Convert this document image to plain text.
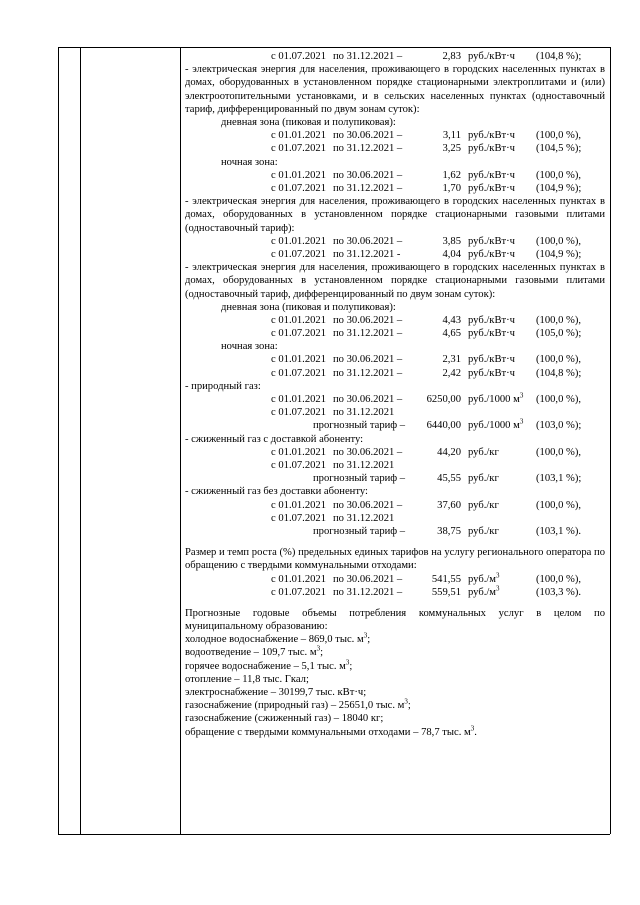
с 01.07.2021 по 31.12.2021 –	2,83 руб./кВт·ч (104,8 %);
- электрическая энергия для населения, проживающего в городских населенных пунктах в домах, оборудованных в установленном порядке стационарными электроплитами и (или) электроотопительными установками, и в сельских населенных пунктах (одноставочный тариф, дифференцированный по двум зонам суток):
дневная зона (пиковая и полупиковая):
с 01.01.2021 по 30.06.2021 –	3,11 руб./кВт·ч (100,0 %),
с 01.07.2021 по 31.12.2021 –	3,25 руб./кВт·ч (104,5 %);
ночная зона:
с 01.01.2021 по 30.06.2021 –	1,62 руб./кВт·ч (100,0 %),
с 01.07.2021 по 31.12.2021 –	1,70 руб./кВт·ч (104,9 %);
- электрическая энергия для населения, проживающего в городских населенных пунктах в домах, оборудованных в установленном порядке стационарными газовыми плитами (одноставочный тариф):
с 01.01.2021 по 30.06.2021 –	3,85 руб./кВт·ч (100,0 %),
с 01.07.2021 по 31.12.2021 -	4,04 руб./кВт·ч (104,9 %);
- электрическая энергия для населения, проживающего в городских населенных пунктах в домах, оборудованных в установленном порядке стационарными газовыми плитами (одноставочный тариф, дифференцированный по двум зонам суток):
дневная зона (пиковая и полупиковая):
с 01.01.2021 по 30.06.2021 –	4,43 руб./кВт·ч (100,0 %),
с 01.07.2021 по 31.12.2021 –	4,65 руб./кВт·ч (105,0 %);
ночная зона:
с 01.01.2021 по 30.06.2021 –	2,31 руб./кВт·ч (100,0 %),
с 01.07.2021 по 31.12.2021 –	2,42 руб./кВт·ч (104,8 %);
- природный газ:
с 01.01.2021 по 30.06.2021 –	6250,00 руб./1000 $м^3$ (100,0 %),
с 01.07.2021 по 31.12.2021
прогнозный тариф –	6440,00 руб./1000 $м^3$ (103,0 %);
- сжиженный газ с доставкой абоненту:
с 01.01.2021 по 30.06.2021 –	44,20 руб./кг	(100,0 %),
с 01.07.2021 по 31.12.2021
прогнозный тариф –	45,55 руб./кг	(103,1 %);
- сжиженный газ без доставки абоненту:
с 01.01.2021 по 30.06.2021 –	37,60 руб./кг	(100,0 %),
с 01.07.2021 по 31.12.2021
прогнозный тариф –	38,75 руб./кг	(103,1 %).
Размер и темп роста (%) предельных единых тарифов на услугу регионального оператора по обращению с твердыми коммунальными отходами:
с 01.01.2021 по 30.06.2021 –	541,55 $руб./м^3$	(100,0 %),
с 01.07.2021 по 31.12.2021 –	559,51 $руб./м^3$	(103,3 %).
Прогнозные годовые объемы потребления коммунальных услуг в целом по муниципальному образованию:
холодное водоснабжение – 869,0 тыс. $м^3$;
водоотведение – 109,7 тыс. $м^3$;
горячее водоснабжение – 5,1 тыс. $м^3$;
отопление – 11,8 тыс. Гкал;
электроснабжение – 30199,7 тыс. кВт·ч;
газоснабжение (природный газ) – 25651,0 тыс. $м^3$;
газоснабжение (сжиженный газ) – 18040 кг;
обращение с твердыми коммунальными отходами – 78,7 тыс. $м^3$.
